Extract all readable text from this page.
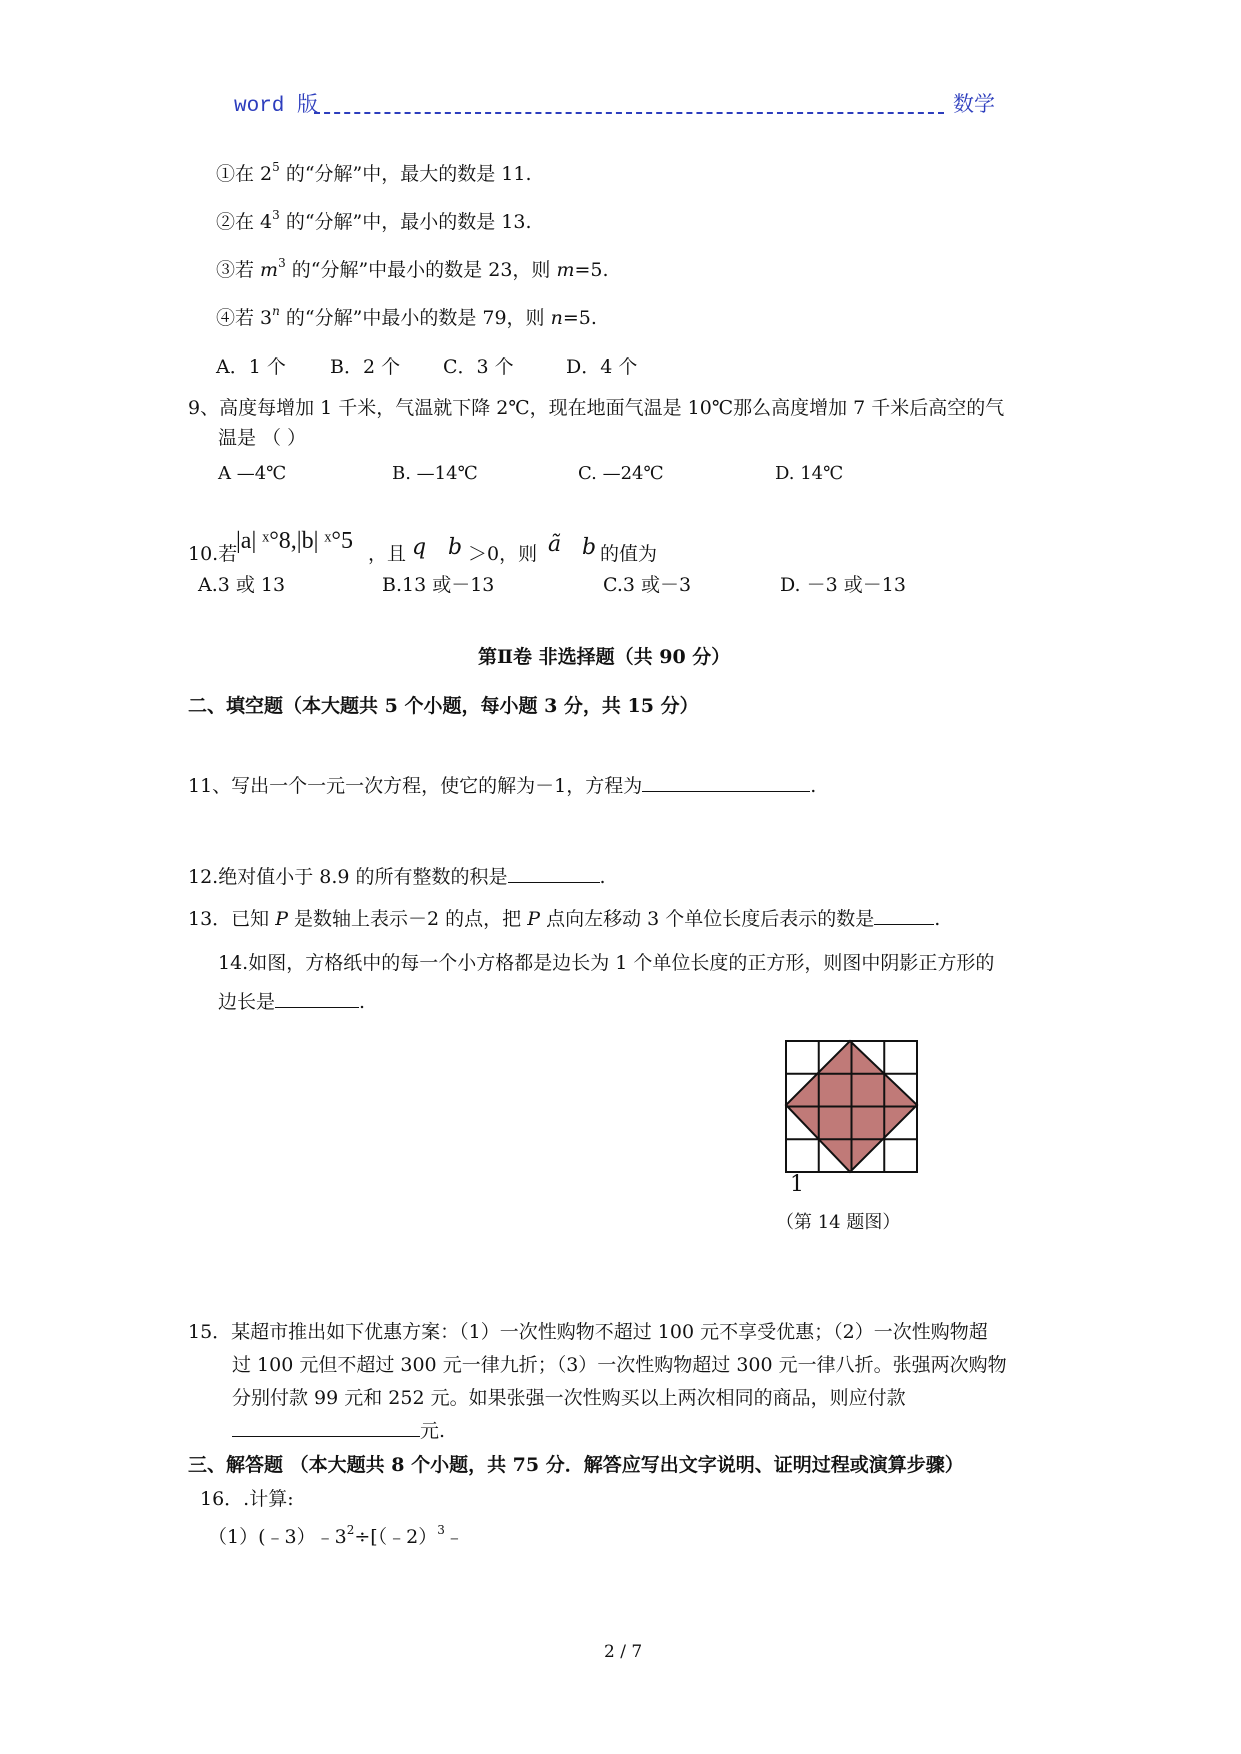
word 版	数学
①在 $2^5$ 的“分解”中，最大的数是 11.
②在 $4^3$ 的“分解”中，最小的数是 13.
③若 $m^3$ 的“分解”中最小的数是 23，则 m=5.
④若 3$^n$ 的“分解”中最小的数是 79，则 n=5.
A．1 个 B．2 个 C．3 个	D．4 个
9、高度每增加 1 千米，气温就下降 2℃，现在地面气温是 10℃那么高度增加 7 千米后高空的气
温是 （ ）
A —4℃	B. —14℃	C. —24℃	D. 14℃
10.若
|a| ˣ°8,|b| ˣ°5 ，且 q b ＞0，则 ã b 的值为
A.3 或 13	B.13 或－13	C.3 或－3	D. －3 或－13
第Ⅱ卷 非选择题（共 90 分）
二、填空题（本大题共 5 个小题，每小题 3 分，共 15 分）
11、写出一个一元一次方程，使它的解为－1，方程为	.
12.绝对值小于 8.9 的所有整数的积是	.
13．已知 P 是数轴上表示－2 的点，把 P 点向左移动 3 个单位长度后表示的数是	.
14.如图，方格纸中的每一个小方格都是边长为 1 个单位长度的正方形，则图中阴影正方形的
边长是	.
1
（第 14 题图）
15．某超市推出如下优惠方案：（1）一次性购物不超过 100 元不享受优惠；（2）一次性购物超
过 100 元但不超过 300 元一律九折；（3）一次性购物超过 300 元一律八折。张强两次购物
分别付款 99 元和 252 元。如果张强一次性购买以上两次相同的商品，则应付款
元.
三、解答题 （本大题共 8 个小题，共 75 分．解答应写出文字说明、证明过程或演算步骤）
16．.计算:
$(1)(﹣3)﹣3^2\div[(﹣2)^3﹣$
2 / 7
